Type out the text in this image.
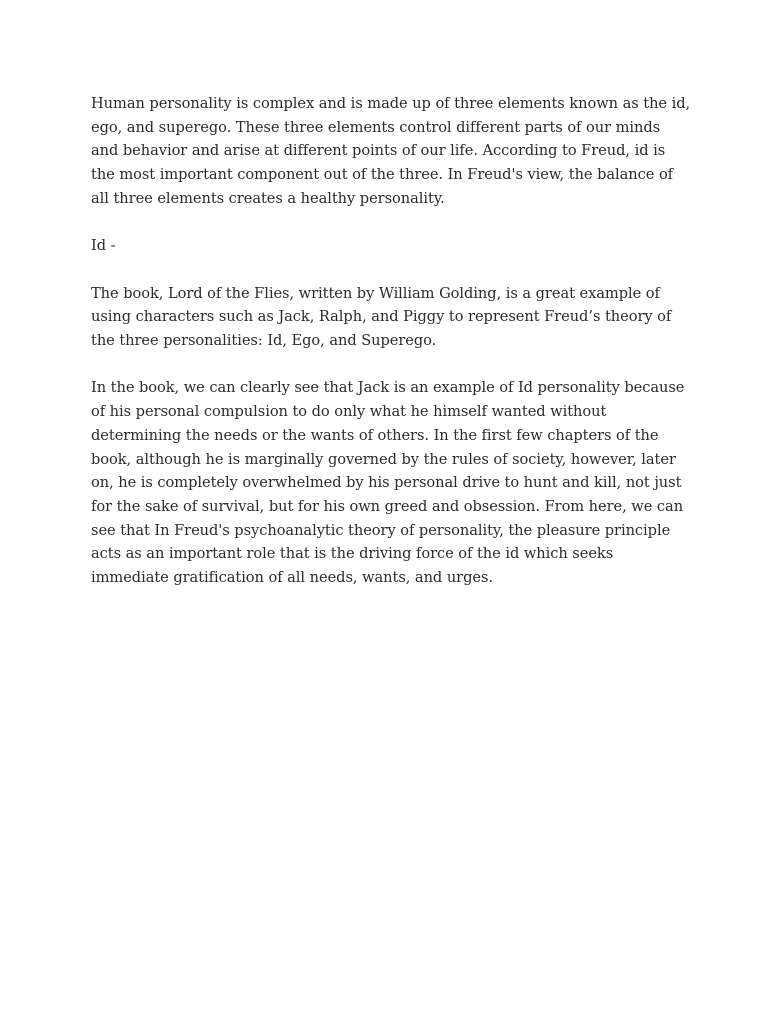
Human personality is complex and is made up of three elements known as the id, ego, and superego. These three elements control different parts of our minds and behavior and arise at different points of our life. According to Freud, id is the most important component out of the three. In Freud's view, the balance of all three elements creates a healthy personality.

Id -

The book, Lord of the Flies, written by William Golding, is a great example of using characters such as Jack, Ralph, and Piggy to represent Freud’s theory of the three personalities: Id, Ego, and Superego.

In the book, we can clearly see that Jack is an example of Id personality because of his personal compulsion to do only what he himself wanted without determining the needs or the wants of others. In the first few chapters of the book, although he is marginally governed by the rules of society, however, later on, he is completely overwhelmed by his personal drive to hunt and kill, not just for the sake of survival, but for his own greed and obsession. From here, we can see that In Freud's psychoanalytic theory of personality, the pleasure principle acts as an important role that is the driving force of the id which seeks immediate gratification of all needs, wants, and urges.
